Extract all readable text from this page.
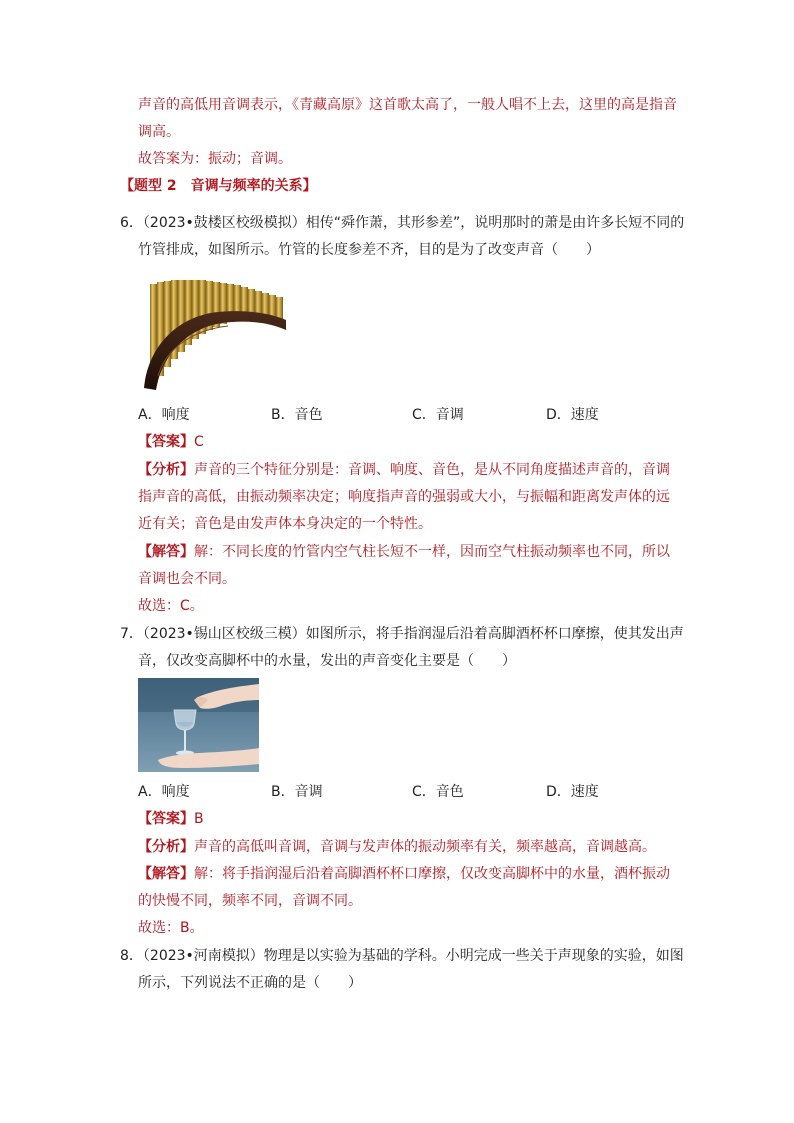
声音的高低用音调表示，《青藏高原》这首歌太高了，一般人唱不上去，这里的高是指音
调高。
故答案为：振动；音调。
【题型 2　音调与频率的关系】
6．（2023•鼓楼区校级模拟）相传“舜作萧，其形参差”，说明那时的萧是由许多长短不同的
竹管排成，如图所示。竹管的长度参差不齐，目的是为了改变声音（　　）
A．响度	B．音色	C．音调	D．速度
【答案】C
【分析】声音的三个特征分别是：音调、响度、音色，是从不同角度描述声音的，音调
指声音的高低，由振动频率决定；响度指声音的强弱或大小，与振幅和距离发声体的远
近有关；音色是由发声体本身决定的一个特性。
【解答】解：不同长度的竹管内空气柱长短不一样，因而空气柱振动频率也不同，所以
音调也会不同。
故选：C。
7．（2023•锡山区校级三模）如图所示，将手指润湿后沿着高脚酒杯杯口摩擦，使其发出声
音，仅改变高脚杯中的水量，发出的声音变化主要是（　　）
A．响度	B．音调	C．音色	D．速度
【答案】B
【分析】声音的高低叫音调，音调与发声体的振动频率有关，频率越高，音调越高。
【解答】解：将手指润湿后沿着高脚酒杯杯口摩擦，仅改变高脚杯中的水量，酒杯振动
的快慢不同，频率不同，音调不同。
故选：B。
8．（2023•河南模拟）物理是以实验为基础的学科。小明完成一些关于声现象的实验，如图
所示，下列说法不正确的是（　　）
